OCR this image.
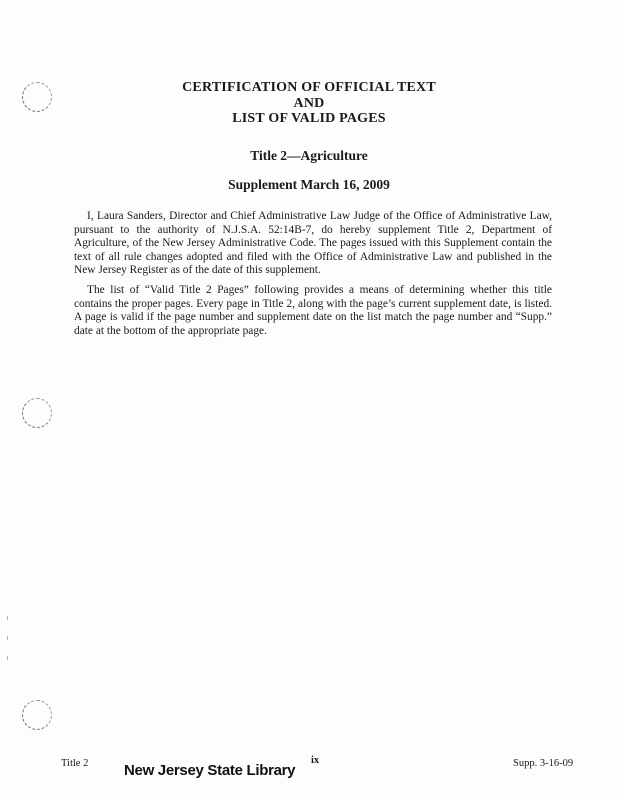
CERTIFICATION OF OFFICIAL TEXT
AND
LIST OF VALID PAGES
Title 2—Agriculture
Supplement March 16, 2009

I, Laura Sanders, Director and Chief Administrative Law Judge of the Office of Administrative Law, pursuant to the authority of N.J.S.A. 52:14B-7, do hereby supplement Title 2, Department of Agriculture, of the New Jersey Administrative Code. The pages issued with this Supplement contain the text of all rule changes adopted and filed with the Office of Administrative Law and published in the New Jersey Register as of the date of this supplement.

The list of “Valid Title 2 Pages” following provides a means of determining whether this title contains the proper pages. Every page in Title 2, along with the page’s current supplement date, is listed. A page is valid if the page number and supplement date on the list match the page number and “Supp.” date at the bottom of the appropriate page.

Title 2	ix	Supp. 3-16-09
New Jersey State Library
